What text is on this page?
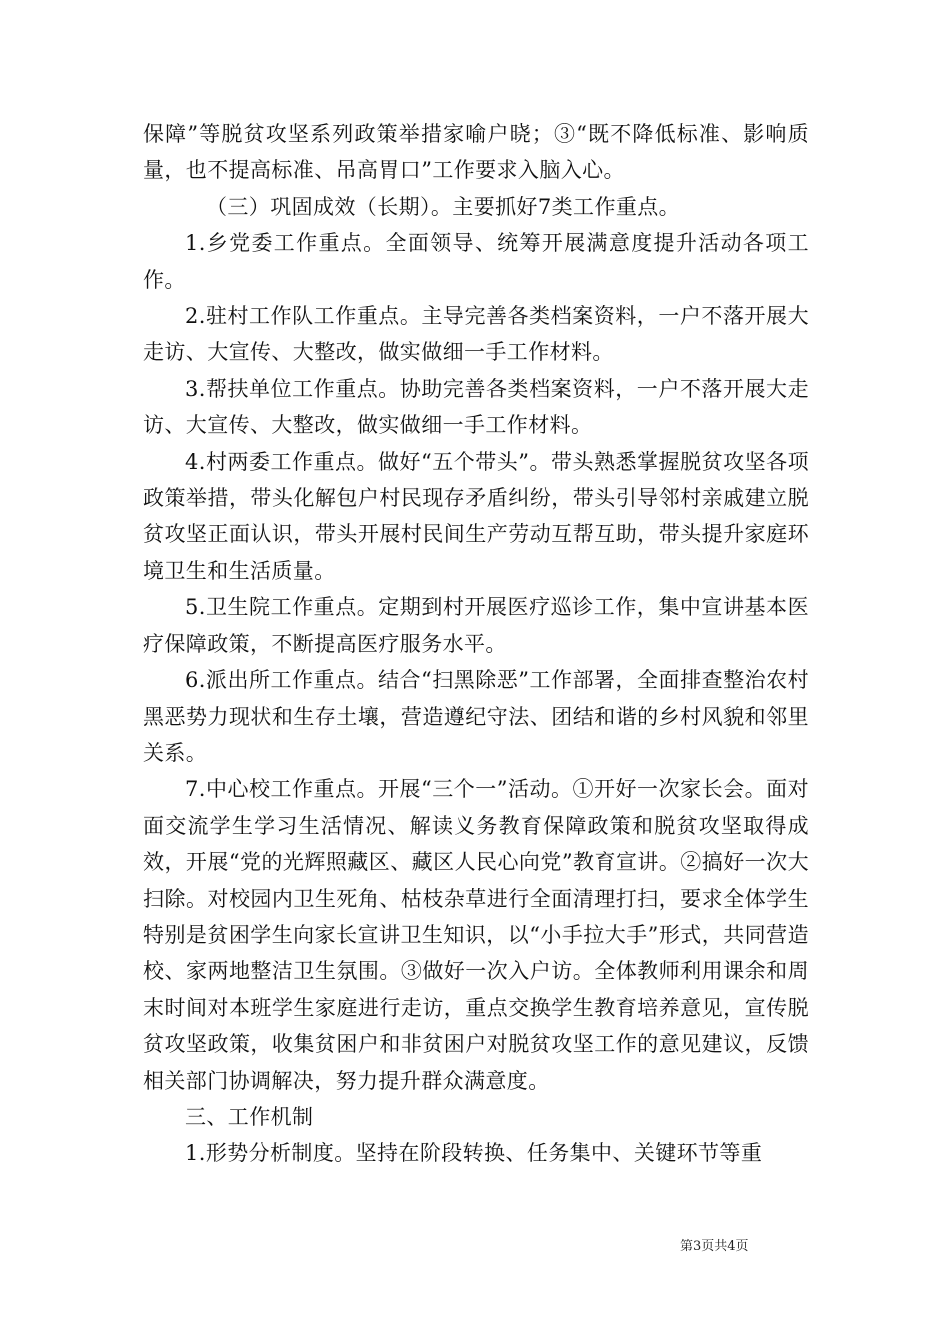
保障”等脱贫攻坚系列政策举措家喻户晓；③“既不降低标准、影响质量，也不提高标准、吊高胃口”工作要求入脑入心。

（三）巩固成效（长期）。主要抓好7类工作重点。

1.乡党委工作重点。全面领导、统筹开展满意度提升活动各项工作。

2.驻村工作队工作重点。主导完善各类档案资料，一户不落开展大走访、大宣传、大整改，做实做细一手工作材料。

3.帮扶单位工作重点。协助完善各类档案资料，一户不落开展大走访、大宣传、大整改，做实做细一手工作材料。

4.村两委工作重点。做好“五个带头”。带头熟悉掌握脱贫攻坚各项政策举措，带头化解包户村民现存矛盾纠纷，带头引导邻村亲戚建立脱贫攻坚正面认识，带头开展村民间生产劳动互帮互助，带头提升家庭环境卫生和生活质量。

5.卫生院工作重点。定期到村开展医疗巡诊工作，集中宣讲基本医疗保障政策，不断提高医疗服务水平。

6.派出所工作重点。结合“扫黑除恶”工作部署，全面排查整治农村黑恶势力现状和生存土壤，营造遵纪守法、团结和谐的乡村风貌和邻里关系。

7.中心校工作重点。开展“三个一”活动。①开好一次家长会。面对面交流学生学习生活情况、解读义务教育保障政策和脱贫攻坚取得成效，开展“党的光辉照藏区、藏区人民心向党”教育宣讲。②搞好一次大扫除。对校园内卫生死角、枯枝杂草进行全面清理打扫，要求全体学生特别是贫困学生向家长宣讲卫生知识，以“小手拉大手”形式，共同营造校、家两地整洁卫生氛围。③做好一次入户访。全体教师利用课余和周末时间对本班学生家庭进行走访，重点交换学生教育培养意见，宣传脱贫攻坚政策，收集贫困户和非贫困户对脱贫攻坚工作的意见建议，反馈相关部门协调解决，努力提升群众满意度。

三、工作机制

1.形势分析制度。坚持在阶段转换、任务集中、关键环节等重

第3页共4页
